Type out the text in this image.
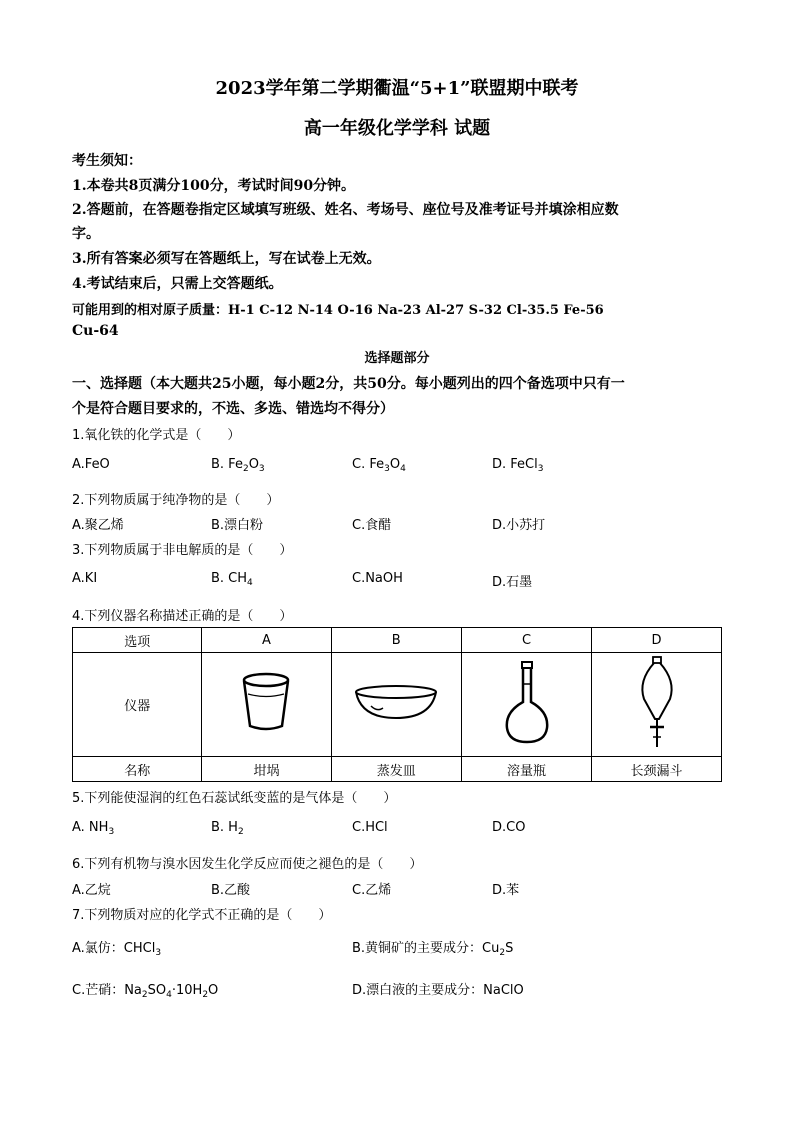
2023学年第二学期衢温“5+1”联盟期中联考
高一年级化学学科 试题
考生须知：
1.本卷共8页满分100分，考试时间90分钟。
2.答题前，在答题卷指定区域填写班级、姓名、考场号、座位号及准考证号并填涂相应数
字。
3.所有答案必须写在答题纸上，写在试卷上无效。
4.考试结束后，只需上交答题纸。
可能用到的相对原子质量：H-1 C-12 N-14 O-16 Na-23 Al-27 S-32 Cl-35.5 Fe-56
Cu-64
选择题部分
一、选择题（本大题共25小题，每小题2分，共50分。每小题列出的四个备选项中只有一
个是符合题目要求的，不选、多选、错选均不得分）
1.氧化铁的化学式是（　　）
A.FeO	B. $Fe_2O_3$	C. $Fe_3O_4$	D. FeCl$_3$
2.下列物质属于纯净物的是（　　）
A.聚乙烯	B.漂白粉	C.食醋	D.小苏打
3.下列物质属于非电解质的是（　　）
A.KI	B. $CH_4$	C.NaOH	D.石墨
4.下列仪器名称描述正确的是（　　）
选项	A	B	C	D
仪器				
名称	坩埚	蒸发皿	溶量瓶	长颈漏斗
5.下列能使湿润的红色石蕊试纸变蓝的是气体是（　　）
A. $NH_3$	B. $H_2$	C.HCl	D.CO
6.下列有机物与溴水因发生化学反应而使之褪色的是（　　）
A.乙烷	B.乙酸	C.乙烯	D.苯
7.下列物质对应的化学式不正确的是（　　）
A.氯仿：CHCl$_3$	B.黄铜矿的主要成分：$Cu_2S$
C.芒硝：$Na_2SO_4\cdot 10H_2O$	D.漂白液的主要成分：NaClO
